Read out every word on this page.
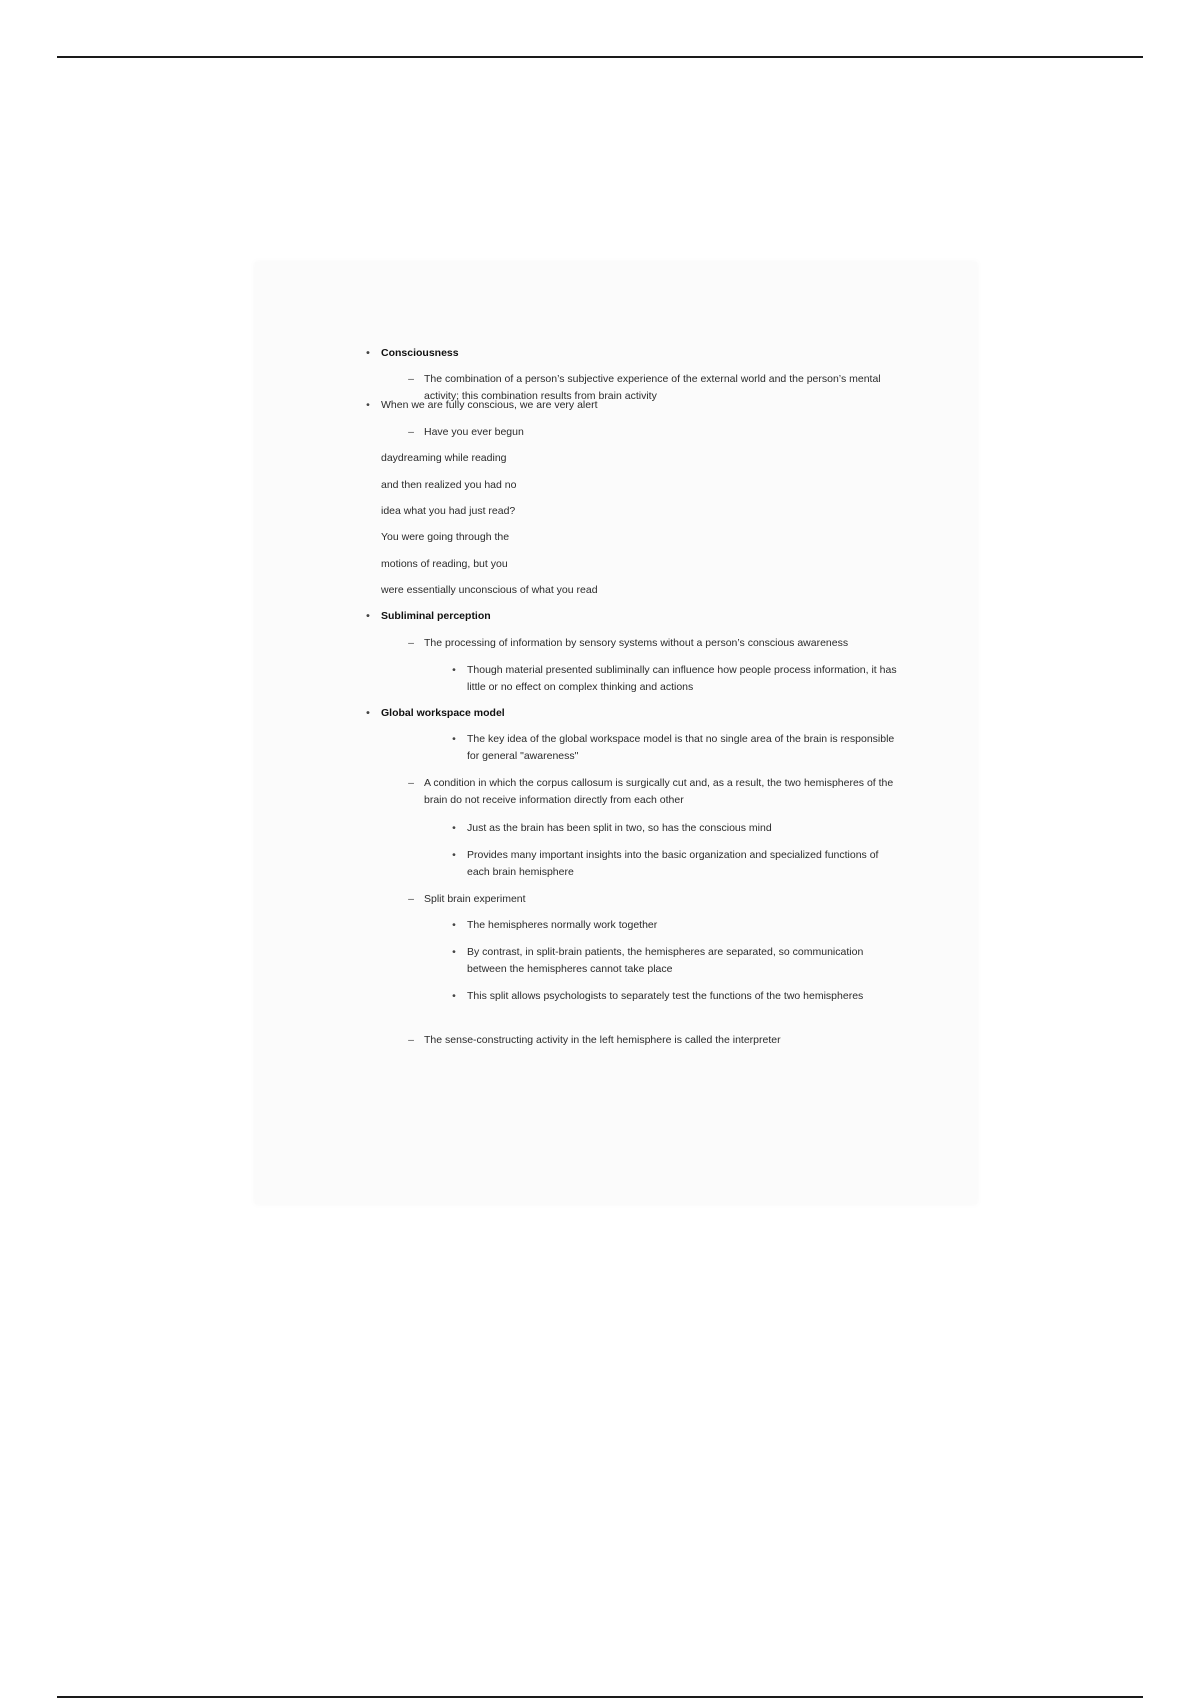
•	Consciousness
– The combination of a person’s subjective experience of the external world and the person’s mental activity; this combination results from brain activity
•	When we are fully conscious, we are very alert
– Have you ever begun
daydreaming while reading
and then realized you had no
idea what you had just read?
You were going through the
motions of reading, but you
were essentially unconscious of what you read
•	Subliminal perception
– The processing of information by sensory systems without a person’s conscious awareness
•	Though material presented subliminally can influence how people process information, it has little or no effect on complex thinking and actions
•	Global workspace model
•	The key idea of the global workspace model is that no single area of the brain is responsible for general "awareness"
– A condition in which the corpus callosum is surgically cut and, as a result, the two hemispheres of the brain do not receive information directly from each other
•	Just as the brain has been split in two, so has the conscious mind
•	Provides many important insights into the basic organization and specialized functions of each brain hemisphere
– Split brain experiment
•	The hemispheres normally work together
•	By contrast, in split-brain patients, the hemispheres are separated, so communication between the hemispheres cannot take place
•	This split allows psychologists to separately test the functions of the two hemispheres
– The sense-constructing activity in the left hemisphere is called the interpreter
